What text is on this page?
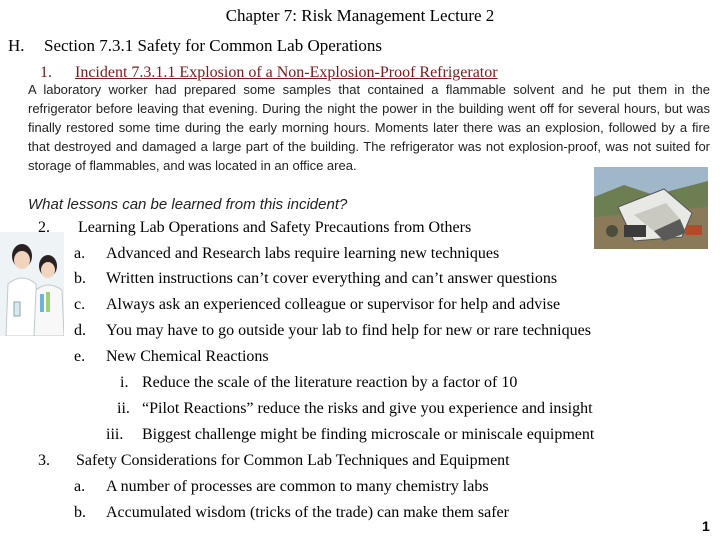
Chapter 7: Risk Management Lecture 2
H. Section 7.3.1 Safety for Common Lab Operations
1. Incident 7.3.1.1 Explosion of a Non-Explosion-Proof Refrigerator
A laboratory worker had prepared some samples that contained a flammable solvent and he put them in the refrigerator before leaving that evening. During the night the power in the building went off for several hours, but was finally restored some time during the early morning hours. Moments later there was an explosion, followed by a fire that destroyed and damaged a large part of the building. The refrigerator was not explosion-proof, was not suited for storage of flammables, and was located in an office area.
What lessons can be learned from this incident?
2. Learning Lab Operations and Safety Precautions from Others
a. Advanced and Research labs require learning new techniques
b. Written instructions can’t cover everything and can’t answer questions
c. Always ask an experienced colleague or supervisor for help and advise
d. You may have to go outside your lab to find help for new or rare techniques
e. New Chemical Reactions
i. Reduce the scale of the literature reaction by a factor of 10
ii. “Pilot Reactions” reduce the risks and give you experience and insight
iii. Biggest challenge might be finding microscale or miniscale equipment
3. Safety Considerations for Common Lab Techniques and Equipment
a. A number of processes are common to many chemistry labs
b. Accumulated wisdom (tricks of the trade) can make them safer
1
